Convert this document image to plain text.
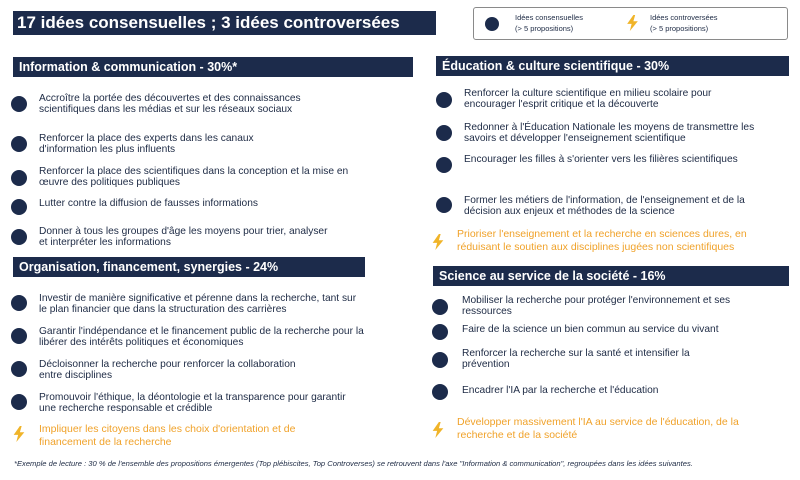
17 idées consensuelles ; 3 idées controversées	Idées consensuelles
(> 5 propositions)
Idées controversées
(> 5 propositions)
Information & communication - 30%*
Accroître la portée des découvertes et des connaissances scientifiques dans les médias et sur les réseaux sociaux
Renforcer la place des experts dans les canaux d'information les plus influents
Renforcer la place des scientifiques dans la conception et la mise en œuvre des politiques publiques
Lutter contre la diffusion de fausses informations
Donner à tous les groupes d'âge les moyens pour trier, analyser et interpréter les informations
Organisation, financement, synergies - 24%
Investir de manière significative et pérenne dans la recherche, tant sur le plan financier que dans la structuration des carrières
Garantir l'indépendance et le financement public de la recherche pour la libérer des intérêts politiques et économiques
Décloisonner la recherche pour renforcer la collaboration entre disciplines
Promouvoir l'éthique, la déontologie et la transparence pour garantir une recherche responsable et crédible
Impliquer les citoyens dans les choix d'orientation et de financement de la recherche
Éducation & culture scientifique - 30%
Renforcer la culture scientifique en milieu scolaire pour encourager l'esprit critique et la découverte
Redonner à l'Éducation Nationale les moyens de transmettre les savoirs et développer l'enseignement scientifique
Encourager les filles à s'orienter vers les filières scientifiques
Former les métiers de l'information, de l'enseignement et de la décision aux enjeux et méthodes de la science
Prioriser l'enseignement et la recherche en sciences dures, en réduisant le soutien aux disciplines jugées non scientifiques
Science au service de la société - 16%
Mobiliser la recherche pour protéger l'environnement et ses ressources
Faire de la science un bien commun au service du vivant
Renforcer la recherche sur la santé et intensifier la prévention
Encadrer l'IA par la recherche et l'éducation
Développer massivement l'IA au service de l'éducation, de la recherche et de la société
*Exemple de lecture : 30 % de l'ensemble des propositions émergentes (Top plébiscites, Top Controverses) se retrouvent dans l'axe "Information & communication", regroupées dans les idées suivantes.
